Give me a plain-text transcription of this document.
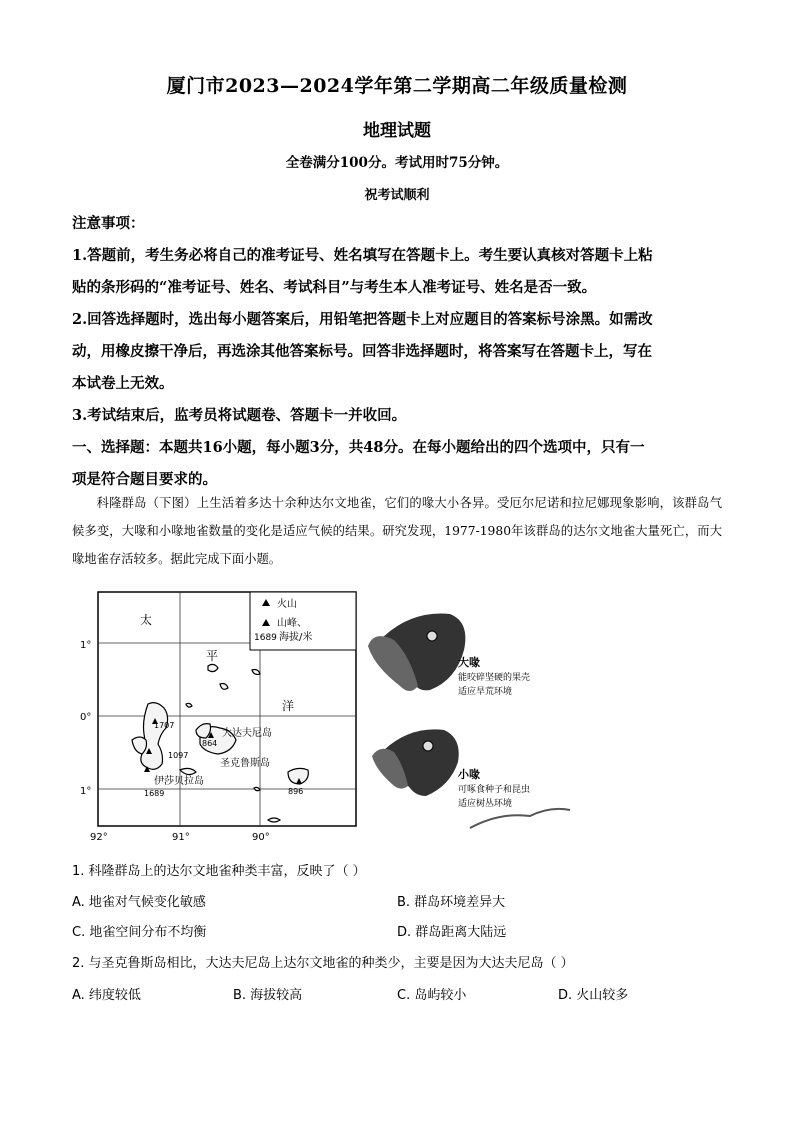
厦门市2023—2024学年第二学期高二年级质量检测
地理试题
全卷满分100分。考试用时75分钟。
祝考试顺利
注意事项：
1.答题前，考生务必将自己的准考证号、姓名填写在答题卡上。考生要认真核对答题卡上粘
贴的条形码的“准考证号、姓名、考试科目”与考生本人准考证号、姓名是否一致。
2.回答选择题时，选出每小题答案后，用铅笔把答题卡上对应题目的答案标号涂黑。如需改
动，用橡皮擦干净后，再选涂其他答案标号。回答非选择题时，将答案写在答题卡上，写在
本试卷上无效。
3.考试结束后，监考员将试题卷、答题卡一并收回。
一、选择题：本题共16小题，每小题3分，共48分。在每小题给出的四个选项中，只有一
项是符合题目要求的。
科隆群岛（下图）上生活着多达十余种达尔文地雀，它们的喙大小各异。受厄尔尼诺和拉尼娜现象影响，该群岛气候多变，大喙和小喙地雀数量的变化是适应气候的结果。研究发现，1977-1980年该群岛的达尔文地雀大量死亡，而大喙地雀存活较多。据此完成下面小题。
火山
山峰、
1689 海拔/米
太
平
洋
1°
0°
1°
92°	91°	90°
1707
1097
864
1689	896
大达夫尼岛
圣克鲁斯岛
伊莎贝拉岛
大喙
能咬碎坚硬的果壳
适应旱荒环境
小喙
可啄食种子和昆虫
适应树丛环境
1. 科隆群岛上的达尔文地雀种类丰富，反映了（ ）
A. 地雀对气候变化敏感	B. 群岛环境差异大
C. 地雀空间分布不均衡	D. 群岛距离大陆远
2. 与圣克鲁斯岛相比，大达夫尼岛上达尔文地雀的种类少，主要是因为大达夫尼岛（ ）
A. 纬度较低	B. 海拔较高	C. 岛屿较小	D. 火山较多
